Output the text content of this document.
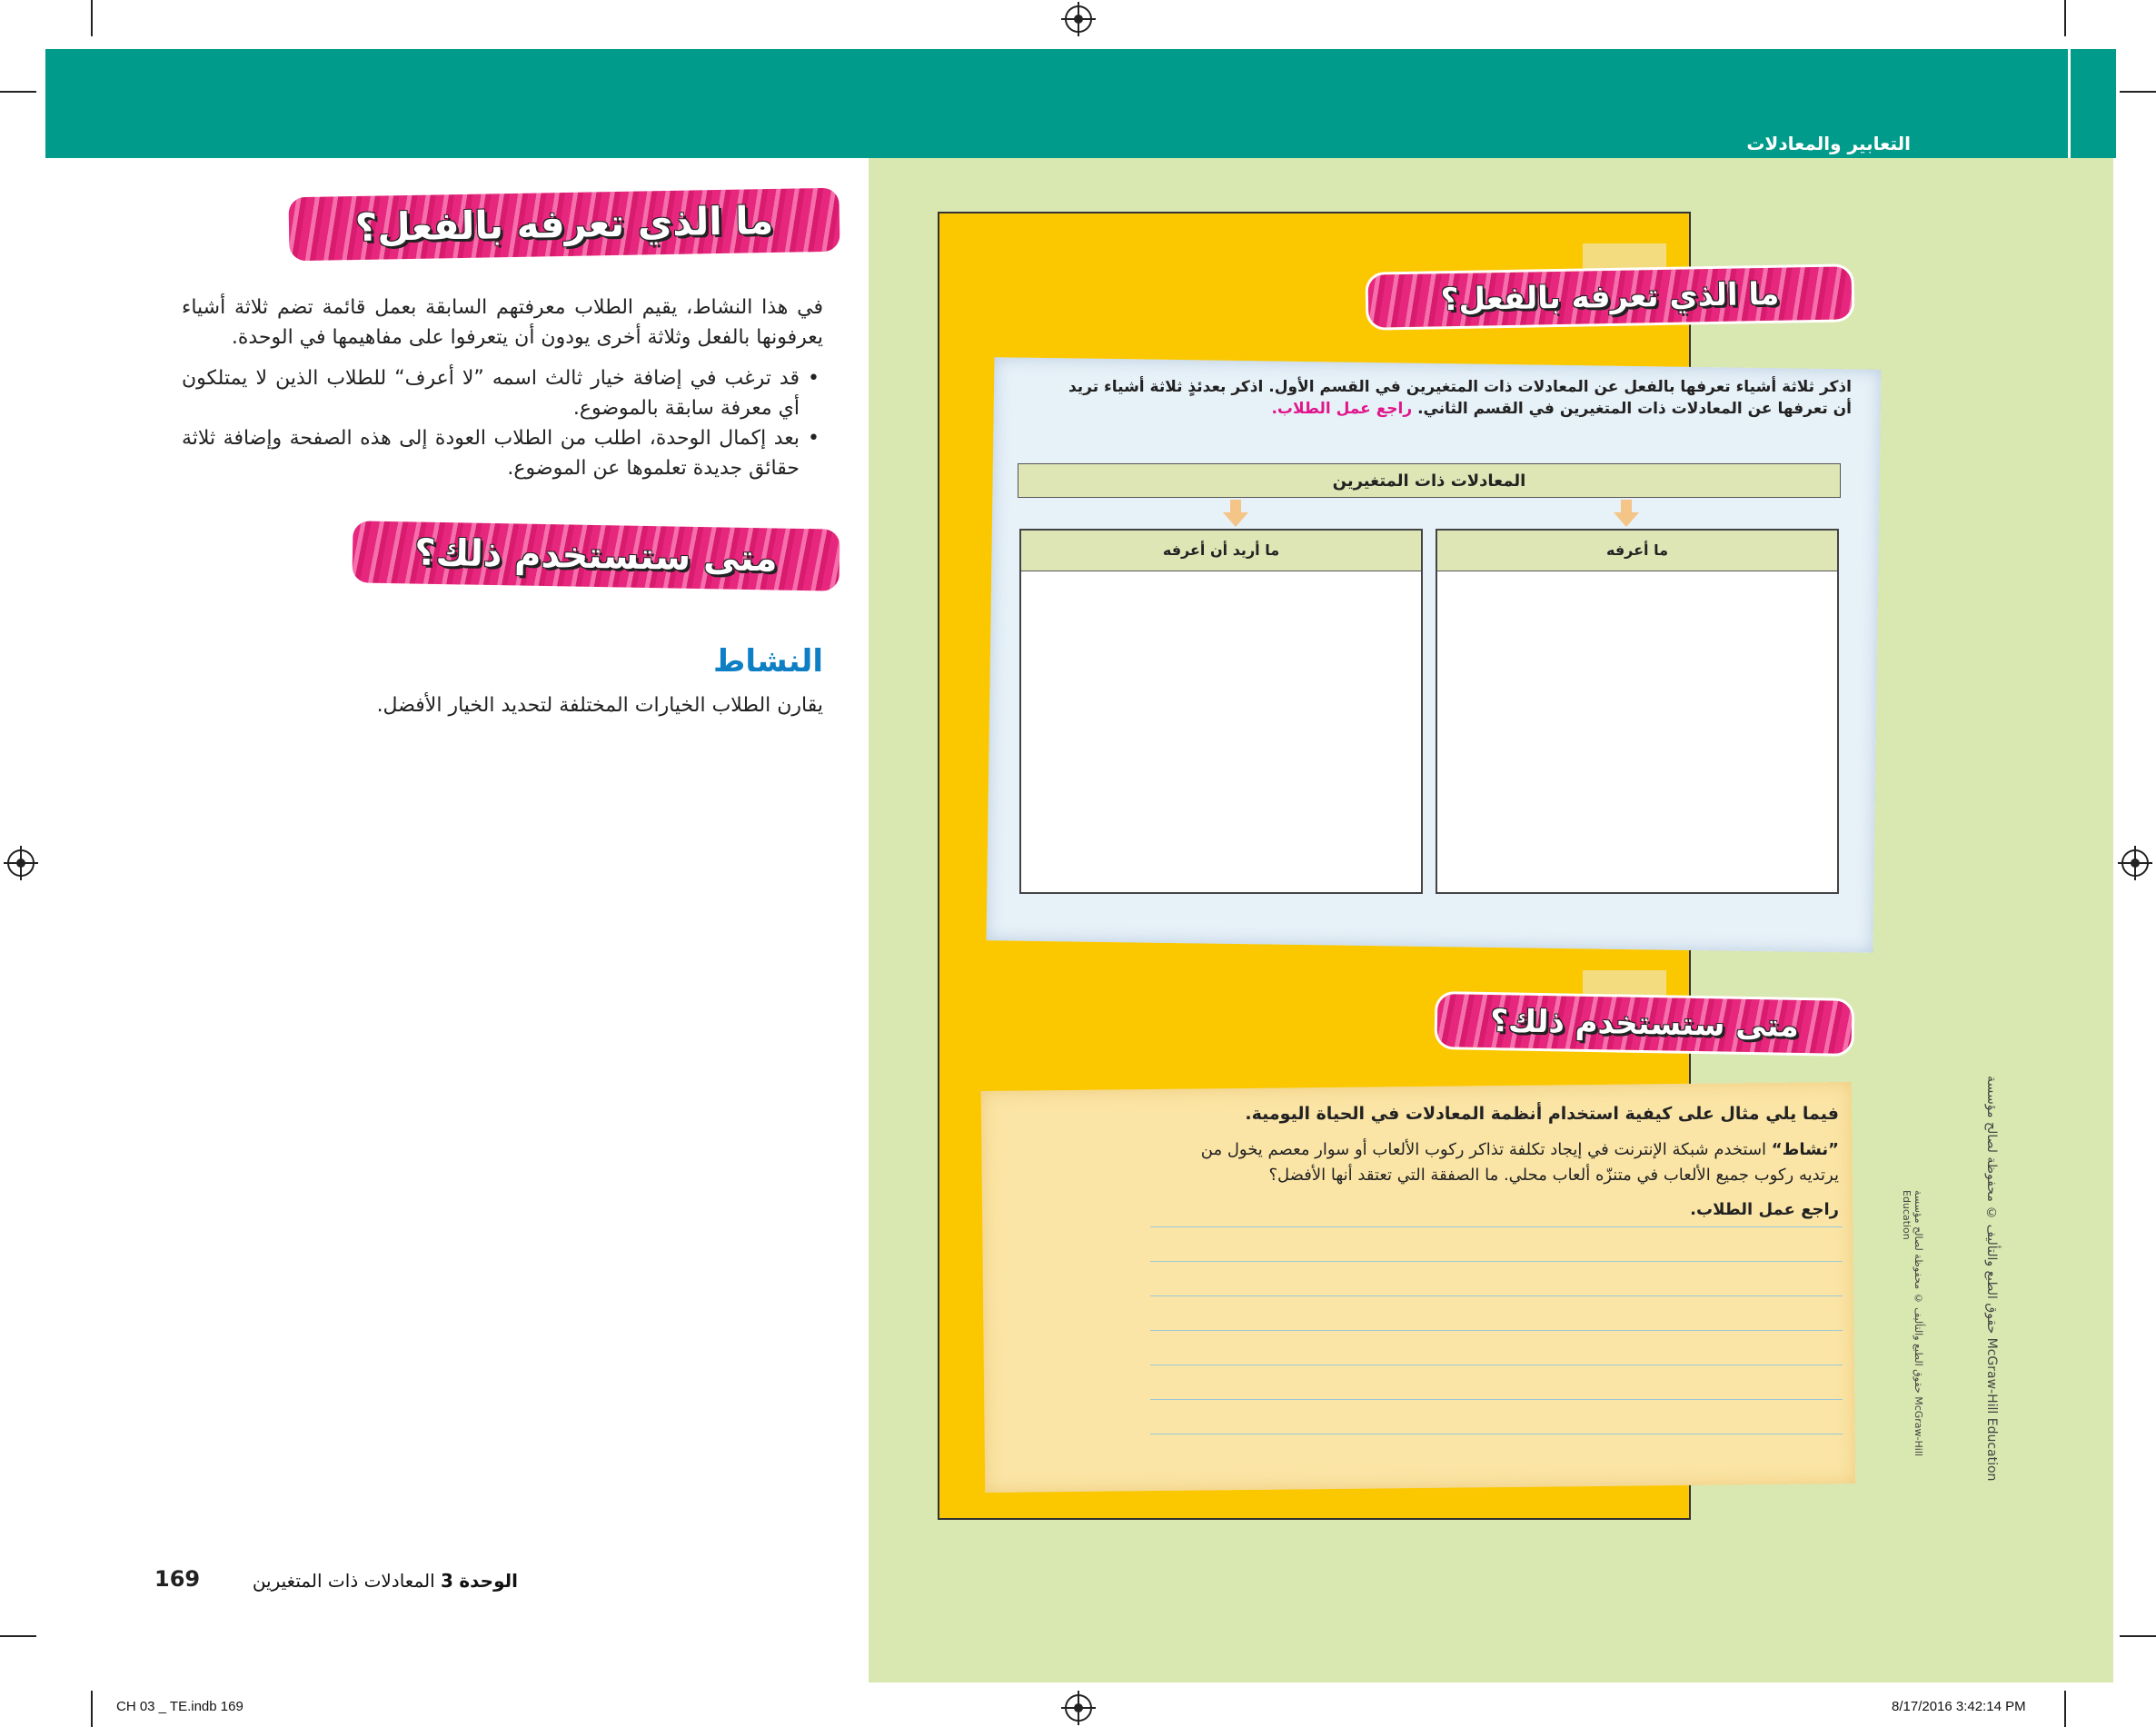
التعابير والمعادلات
ما الذي تعرفه بالفعل؟
في هذا النشاط، يقيم الطلاب معرفتهم السابقة بعمل قائمة تضم ثلاثة أشياء يعرفونها بالفعل وثلاثة أخرى يودون أن يتعرفوا على مفاهيمها في الوحدة.
•
قد ترغب في إضافة خيار ثالث اسمه ”لا أعرف“ للطلاب الذين لا يمتلكون أي معرفة سابقة بالموضوع.
•
بعد إكمال الوحدة، اطلب من الطلاب العودة إلى هذه الصفحة وإضافة ثلاثة حقائق جديدة تعلموها عن الموضوع.
متى ستستخدم ذلك؟
النشاط
يقارن الطلاب الخيارات المختلفة لتحديد الخيار الأفضل.
ما الذي تعرفه بالفعل؟
اذكر ثلاثة أشياء تعرفها بالفعل عن المعادلات ذات المتغيرين في القسم الأول. اذكر بعدئذٍ ثلاثة أشياء تريد أن تعرفها عن المعادلات ذات المتغيرين في القسم الثاني. راجع عمل الطلاب.
المعادلات ذات المتغيرين
ما أعرفه
ما أريد أن أعرفه
متى ستستخدم ذلك؟
فيما يلي مثال على كيفية استخدام أنظمة المعادلات في الحياة اليومية.
”نشاط“ استخدم شبكة الإنترنت في إيجاد تكلفة تذاكر ركوب الألعاب أو سوار معصم يخول من يرتديه ركوب جميع الألعاب في متنزّه ألعاب محلي. ما الصفقة التي تعتقد أنها الأفضل؟
راجع عمل الطلاب.	حقوق الطبع والتأليف © محفوظة لصالح مؤسسة McGraw-Hill Education	حقوق الطبع والتأليف © محفوظة لصالح مؤسسة McGraw-Hill Education
الوحدة 3 المعادلات ذات المتغيرين
169
CH 03 _ TE.indb 169	8/17/2016 3:42:14 PM
